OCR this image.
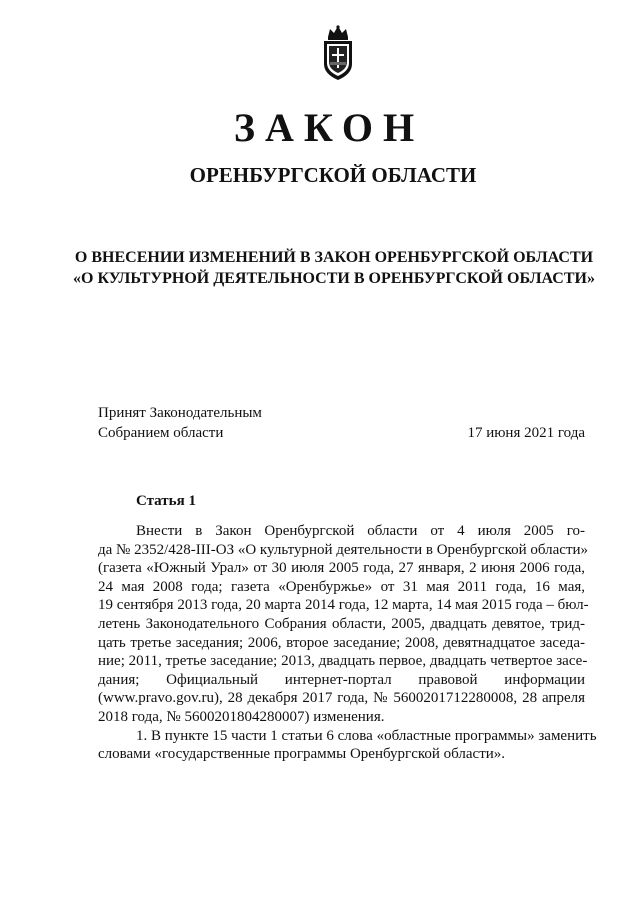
ЗАКОН
ОРЕНБУРГСКОЙ ОБЛАСТИ
О ВНЕСЕНИИ ИЗМЕНЕНИЙ В ЗАКОН ОРЕНБУРГСКОЙ ОБЛАСТИ
«О КУЛЬТУРНОЙ ДЕЯТЕЛЬНОСТИ В ОРЕНБУРГСКОЙ ОБЛАСТИ»
Принят Законодательным
Собранием области	17 июня 2021 года
Статья 1
Внести в Закон Оренбургской области от 4 июля 2005 го-
да № 2352/428-III-ОЗ «О культурной деятельности в Оренбургской области»
(газета «Южный Урал» от 30 июля 2005 года, 27 января, 2 июня 2006 года,
24 мая 2008 года; газета «Оренбуржье» от 31 мая 2011 года, 16 мая,
19 сентября 2013 года, 20 марта 2014 года, 12 марта, 14 мая 2015 года – бюл-
летень Законодательного Собрания области, 2005, двадцать девятое, трид-
цать третье заседания; 2006, второе заседание; 2008, девятнадцатое заседа-
ние; 2011, третье заседание; 2013, двадцать первое, двадцать четвертое засе-
дания; Официальный интернет-портал правовой информации
(www.pravo.gov.ru), 28 декабря 2017 года, № 5600201712280008, 28 апреля
2018 года, № 5600201804280007) изменения.
1. В пункте 15 части 1 статьи 6 слова «областные программы» заменить
словами «государственные программы Оренбургской области».
